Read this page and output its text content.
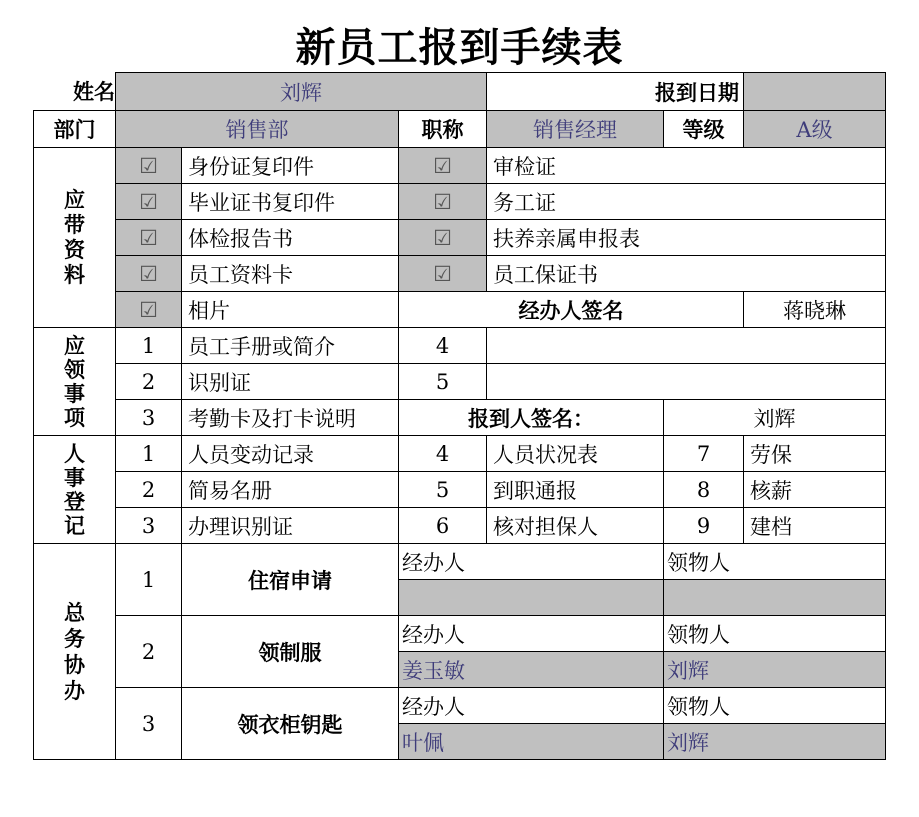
新员工报到手续表
姓名	刘辉			报到日期		
部门	销售部		职称	销售经理	等级	A级

应
带
资
料	☑	身份证复印件	☑	审检证		
	☑	毕业证书复印件	☑	务工证		
	☑	体检报告书	☑	扶养亲属申报表		
	☑	员工资料卡	☑	员工保证书		
	☑	相片	经办人签名			蒋晓琳

应
领
事
项	1	员工手册或简介	4			
	2	识别证	5			
	3	考勤卡及打卡说明	报到人签名：		刘辉	

人
事
登
记	1	人员变动记录	4	人员状况表	7	劳保
	2	简易名册	5	到职通报	8	核薪
	3	办理识别证	6	核对担保人	9	建档

总
务
协
办	1	住宿申请	经办人		领物人	

	2	领制服	经办人		领物人	
			姜玉敏		刘辉	
	3	领衣柜钥匙	经办人		领物人	
			叶佩		刘辉	
